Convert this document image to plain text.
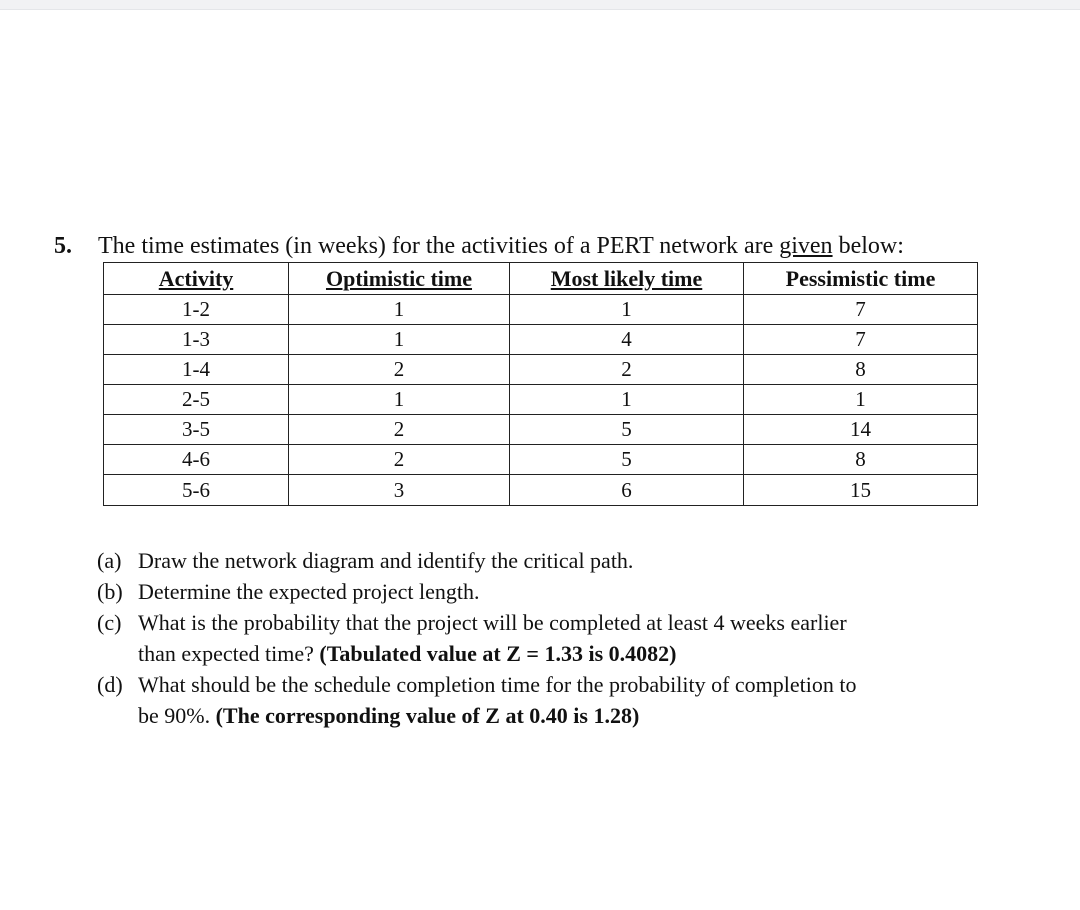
5. The time estimates (in weeks) for the activities of a PERT network are given below:
Activity	Optimistic time	Most likely time	Pessimistic time
1-2	1	1	7
1-3	1	4	7
1-4	2	2	8
2-5	1	1	1
3-5	2	5	14
4-6	2	5	8
5-6	3	6	15
(a) Draw the network diagram and identify the critical path.
(b) Determine the expected project length.
(c) What is the probability that the project will be completed at least 4 weeks earlier
than expected time? (Tabulated value at Z = 1.33 is 0.4082)
(d) What should be the schedule completion time for the probability of completion to
be 90%. (The corresponding value of Z at 0.40 is 1.28)
